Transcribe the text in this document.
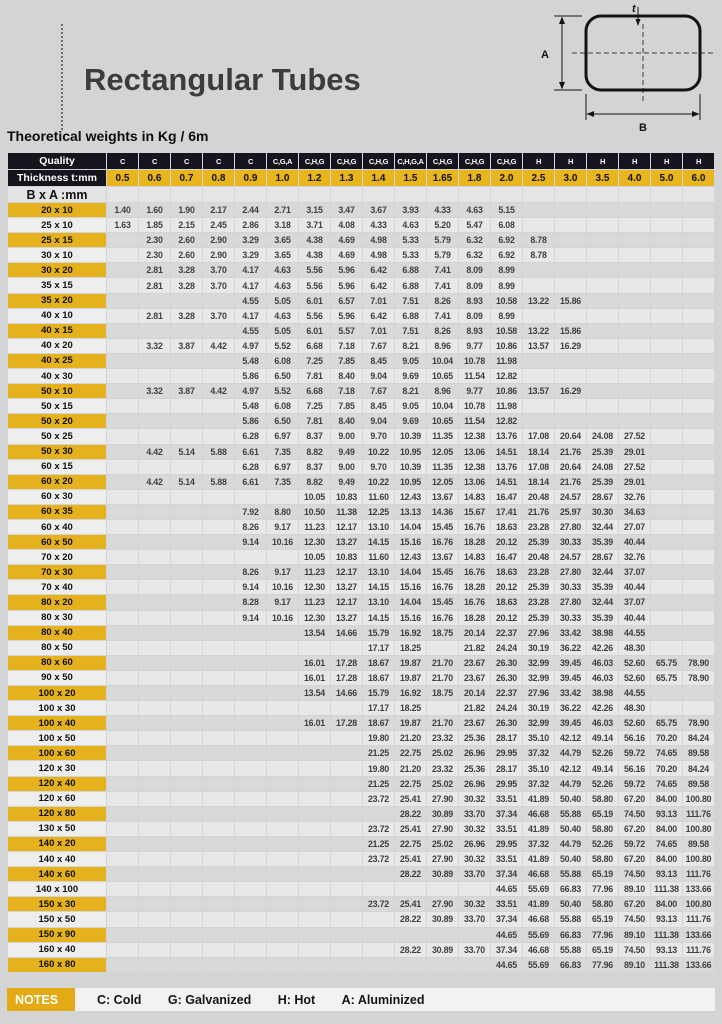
Rectangular Tubes
Theoretical weights in Kg / 6m
t
A
B
Quality	C	C	C	C	C	C,G,A	C,H,G	C,H,G	C,H,G	C,H,G,A	C,H,G	C,H,G	C,H,G	H	H	H	H	H	H
Thickness t:mm	0.5	0.6	0.7	0.8	0.9	1.0	1.2	1.3	1.4	1.5	1.65	1.8	2.0	2.5	3.0	3.5	4.0	5.0	6.0
B x A :mm																			
20 x 10	1.40	1.60	1.90	2.17	2.44	2.71	3.15	3.47	3.67	3.93	4.33	4.63	5.15						
25 x 10	1.63	1.85	2.15	2.45	2.86	3.18	3.71	4.08	4.33	4.63	5.20	5.47	6.08						
25 x 15		2.30	2.60	2.90	3.29	3.65	4.38	4.69	4.98	5.33	5.79	6.32	6.92	8.78					
30 x 10		2.30	2.60	2.90	3.29	3.65	4.38	4.69	4.98	5.33	5.79	6.32	6.92	8.78					
30 x 20		2.81	3.28	3.70	4.17	4.63	5.56	5.96	6.42	6.88	7.41	8.09	8.99						
35 x 15		2.81	3.28	3.70	4.17	4.63	5.56	5.96	6.42	6.88	7.41	8.09	8.99						
35 x 20					4.55	5.05	6.01	6.57	7.01	7.51	8.26	8.93	10.58	13.22	15.86				
40 x 10		2.81	3.28	3.70	4.17	4.63	5.56	5.96	6.42	6.88	7.41	8.09	8.99						
40 x 15					4.55	5.05	6.01	5.57	7.01	7.51	8.26	8.93	10.58	13.22	15.86				
40 x 20		3.32	3.87	4.42	4.97	5.52	6.68	7.18	7.67	8.21	8.96	9.77	10.86	13.57	16.29				
40 x 25					5.48	6.08	7.25	7.85	8.45	9.05	10.04	10.78	11.98						
40 x 30					5.86	6.50	7.81	8.40	9.04	9.69	10.65	11.54	12.82						
50 x 10		3.32	3.87	4.42	4.97	5.52	6.68	7.18	7.67	8.21	8.96	9.77	10.86	13.57	16.29				
50 x 15					5.48	6.08	7.25	7.85	8.45	9.05	10.04	10.78	11.98						
50 x 20					5.86	6.50	7.81	8.40	9.04	9.69	10.65	11.54	12.82						
50 x 25					6.28	6.97	8.37	9.00	9.70	10.39	11.35	12.38	13.76	17.08	20.64	24.08	27.52		
50 x 30		4.42	5.14	5.88	6.61	7.35	8.82	9.49	10.22	10.95	12.05	13.06	14.51	18.14	21.76	25.39	29.01		
60 x 15					6.28	6.97	8.37	9.00	9.70	10.39	11.35	12.38	13.76	17.08	20.64	24.08	27.52		
60 x 20		4.42	5.14	5.88	6.61	7.35	8.82	9.49	10.22	10.95	12.05	13.06	14.51	18.14	21.76	25.39	29.01		
60 x 30							10.05	10.83	11.60	12.43	13.67	14.83	16.47	20.48	24.57	28.67	32.76		
60 x 35					7.92	8.80	10.50	11.38	12.25	13.13	14.36	15.67	17.41	21.76	25.97	30.30	34.63		
60 x 40					8.26	9.17	11.23	12.17	13.10	14.04	15.45	16.76	18.63	23.28	27.80	32.44	27.07		
60 x 50					9.14	10.16	12.30	13.27	14.15	15.16	16.76	18.28	20.12	25.39	30.33	35.39	40.44		
70 x 20							10.05	10.83	11.60	12.43	13.67	14.83	16.47	20.48	24.57	28.67	32.76		
70 x 30					8.26	9.17	11.23	12.17	13.10	14.04	15.45	16.76	18.63	23.28	27.80	32.44	37.07		
70 x 40					9.14	10.16	12.30	13.27	14.15	15.16	16.76	18.28	20.12	25.39	30.33	35.39	40.44		
80 x 20					8.28	9.17	11.23	12.17	13.10	14.04	15.45	16.76	18.63	23.28	27.80	32.44	37.07		
80 x 30					9.14	10.16	12.30	13.27	14.15	15.16	16.76	18.28	20.12	25.39	30.33	35.39	40.44		
80 x 40							13.54	14.66	15.79	16.92	18.75	20.14	22.37	27.96	33.42	38.98	44.55		
80 x 50									17.17	18.25		21.82	24.24	30.19	36.22	42.26	48.30		
80 x 60							16.01	17.28	18.67	19.87	21.70	23.67	26.30	32.99	39.45	46.03	52.60	65.75	78.90
90 x 50							16.01	17.28	18.67	19.87	21.70	23.67	26.30	32.99	39.45	46.03	52.60	65.75	78.90
100 x 20							13.54	14.66	15.79	16.92	18.75	20.14	22.37	27.96	33.42	38.98	44.55		
100 x 30									17.17	18.25		21.82	24.24	30.19	36.22	42.26	48.30		
100 x 40							16.01	17.28	18.67	19.87	21.70	23.67	26.30	32.99	39.45	46.03	52.60	65.75	78.90
100 x 50									19.80	21.20	23.32	25.36	28.17	35.10	42.12	49.14	56.16	70.20	84.24
100 x 60									21.25	22.75	25.02	26.96	29.95	37.32	44.79	52.26	59.72	74.65	89.58
120 x 30									19.80	21.20	23.32	25.36	28.17	35.10	42.12	49.14	56.16	70.20	84.24
120 x 40									21.25	22.75	25.02	26.96	29.95	37.32	44.79	52.26	59.72	74.65	89.58
120 x 60									23.72	25.41	27.90	30.32	33.51	41.89	50.40	58.80	67.20	84.00	100.80
120 x 80										28.22	30.89	33.70	37.34	46.68	55.88	65.19	74.50	93.13	111.76
130 x 50									23.72	25.41	27.90	30.32	33.51	41.89	50.40	58.80	67.20	84.00	100.80
140 x 20									21.25	22.75	25.02	26.96	29.95	37.32	44.79	52.26	59.72	74.65	89.58
140 x 40									23.72	25.41	27.90	30.32	33.51	41.89	50.40	58.80	67.20	84.00	100.80
140 x 60										28.22	30.89	33.70	37.34	46.68	55.88	65.19	74.50	93.13	111.76
140 x 100													44.65	55.69	66.83	77.96	89.10	111.38	133.66
150 x 30									23.72	25.41	27.90	30.32	33.51	41.89	50.40	58.80	67.20	84.00	100.80
150 x 50										28.22	30.89	33.70	37.34	46.68	55.88	65.19	74.50	93.13	111.76
150 x 90													44.65	55.69	66.83	77.96	89.10	111.38	133.66
160 x 40										28.22	30.89	33.70	37.34	46.68	55.88	65.19	74.50	93.13	111.76
160 x 80													44.65	55.69	66.83	77.96	89.10	111.38	133.66
NOTES	C: Cold G: Galvanized H: Hot A: Aluminized
